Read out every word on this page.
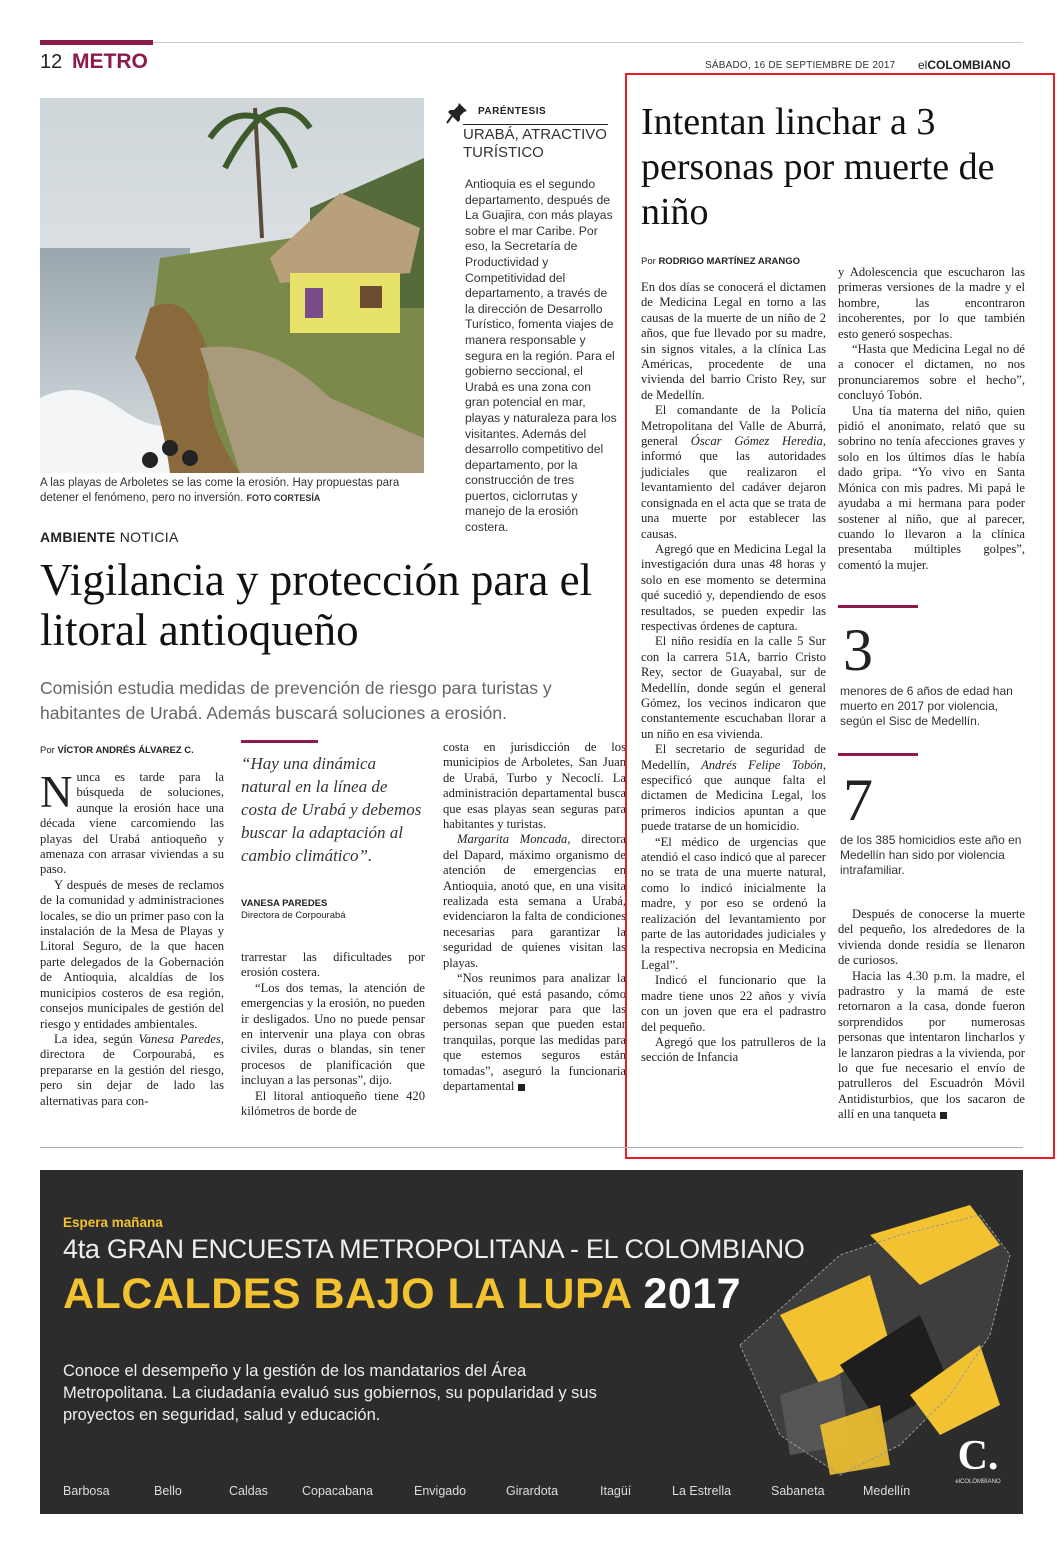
12 METRO	SÁBADO, 16 DE SEPTIEMBRE DE 2017 elCOLOMBIANO
A las playas de Arboletes se las come la erosión. Hay propuestas para detener el fenómeno, pero no inversión. FOTO CORTESÍA
PARÉNTESIS
URABÁ, ATRACTIVO TURÍSTICO
Antioquia es el segundo departamento, después de La Guajira, con más playas sobre el mar Caribe. Por eso, la Secretaría de Productividad y Competitividad del departamento, a través de la dirección de Desarrollo Turístico, fomenta viajes de manera responsable y segura en la región. Para el gobierno seccional, el Urabá es una zona con gran potencial en mar, playas y naturaleza para los visitantes. Además del desarrollo competitivo del departamento, por la construcción de tres puertos, ciclorrutas y manejo de la erosión costera.
AMBIENTE NOTICIA
Vigilancia y protección para el litoral antioqueño
Comisión estudia medidas de prevención de riesgo para turistas y habitantes de Urabá. Además buscará soluciones a erosión.
Por VÍCTOR ANDRÉS ÁLVAREZ C.

Nunca es tarde para la búsqueda de soluciones, aunque la erosión hace una década viene carcomiendo las playas del Urabá antioqueño y amenaza con arrasar viviendas a su paso.

Y después de meses de reclamos de la comunidad y administraciones locales, se dio un primer paso con la instalación de la Mesa de Playas y Litoral Seguro, de la que hacen parte delegados de la Gobernación de Antioquia, alcaldías de los municipios costeros de esa región, consejos municipales de gestión del riesgo y entidades ambientales.

La idea, según Vanesa Paredes, directora de Corpourabá, es prepararse en la gestión del riesgo, pero sin dejar de lado las alternativas para con-

“Hay una dinámica natural en la línea de costa de Urabá y debemos buscar la adaptación al cambio climático”.
VANESA PAREDES
Directora de Corpourabá

trarrestar las dificultades por erosión costera.

“Los dos temas, la atención de emergencias y la erosión, no pueden ir desligados. Uno no puede pensar en intervenir una playa con obras civiles, duras o blandas, sin tener procesos de planificación que incluyan a las personas”, dijo.

El litoral antioqueño tiene 420 kilómetros de borde de

costa en jurisdicción de los municipios de Arboletes, San Juan de Urabá, Turbo y Necoclí. La administración departamental busca que esas playas sean seguras para habitantes y turistas.

Margarita Moncada, directora del Dapard, máximo organismo de atención de emergencias en Antioquia, anotó que, en una visita realizada esta semana a Urabá, evidenciaron la falta de condiciones necesarias para garantizar la seguridad de quienes visitan las playas.

“Nos reunimos para analizar la situación, qué está pasando, cómo debemos mejorar para que las personas sepan que pueden estar tranquilas, porque las medidas para que estemos seguros están tomadas”, aseguró la funcionaria departamental

Intentan linchar a 3 personas por muerte de niño
Por RODRIGO MARTÍNEZ ARANGO

En dos días se conocerá el dictamen de Medicina Legal en torno a las causas de la muerte de un niño de 2 años, que fue llevado por su madre, sin signos vitales, a la clínica Las Américas, procedente de una vivienda del barrio Cristo Rey, sur de Medellín.

El comandante de la Policía Metropolitana del Valle de Aburrá, general Óscar Gómez Heredia, informó que las autoridades judiciales que realizaron el levantamiento del cadáver dejaron consignada en el acta que se trata de una muerte por establecer las causas.

Agregó que en Medicina Legal la investigación dura unas 48 horas y solo en ese momento se determina qué sucedió y, dependiendo de esos resultados, se pueden expedir las respectivas órdenes de captura.

El niño residía en la calle 5 Sur con la carrera 51A, barrio Cristo Rey, sector de Guayabal, sur de Medellín, donde según el general Gómez, los vecinos indicaron que constantemente escuchaban llorar a un niño en esa vivienda.

El secretario de seguridad de Medellín, Andrés Felipe Tobón, especificó que aunque falta el dictamen de Medicina Legal, los primeros indicios apuntan a que puede tratarse de un homicidio.

“El médico de urgencias que atendió el caso indicó que al parecer no se trata de una muerte natural, como lo indicó inicialmente la madre, y por eso se ordenó la realización del levantamiento por parte de las autoridades judiciales y la respectiva necropsia en Medicina Legal”.

Indicó el funcionario que la madre tiene unos 22 años y vivía con un joven que era el padrastro del pequeño.

Agregó que los patrulleros de la sección de Infancia

y Adolescencia que escucharon las primeras versiones de la madre y el hombre, las encontraron incoherentes, por lo que también esto generó sospechas.

“Hasta que Medicina Legal no dé a conocer el dictamen, no nos pronunciaremos sobre el hecho”, concluyó Tobón.

Una tía materna del niño, quien pidió el anonimato, relató que su sobrino no tenía afecciones graves y solo en los últimos días le había dado gripa. “Yo vivo en Santa Mónica con mis padres. Mi papá le ayudaba a mi hermana para poder sostener al niño, que al parecer, cuando lo llevaron a la clínica presentaba múltiples golpes”, comentó la mujer.

3
menores de 6 años de edad han muerto en 2017 por violencia, según el Sisc de Medellín.
7
de los 385 homicidios este año en Medellín han sido por violencia intrafamiliar.

Después de conocerse la muerte del pequeño, los alrededores de la vivienda donde residía se llenaron de curiosos.

Hacia las 4.30 p.m. la madre, el padrastro y la mamá de este retornaron a la casa, donde fueron sorprendidos por numerosas personas que intentaron lincharlos y le lanzaron piedras a la vivienda, por lo que fue necesario el envío de patrulleros del Escuadrón Móvil Antidisturbios, que los sacaron de allí en una tanqueta

Espera mañana
4ta GRAN ENCUESTA METROPOLITANA - EL COLOMBIANO
ALCALDES BAJO LA LUPA 2017
Conoce el desempeño y la gestión de los mandatarios del Área Metropolitana. La ciudadanía evaluó sus gobiernos, su popularidad y sus proyectos en seguridad, salud y educación.
Barbosa	Bello	Caldas	Copacabana	Envigado	Girardota	Itagüí	La Estrella	Sabaneta	Medellín
C.
elCOLOMBIANO
